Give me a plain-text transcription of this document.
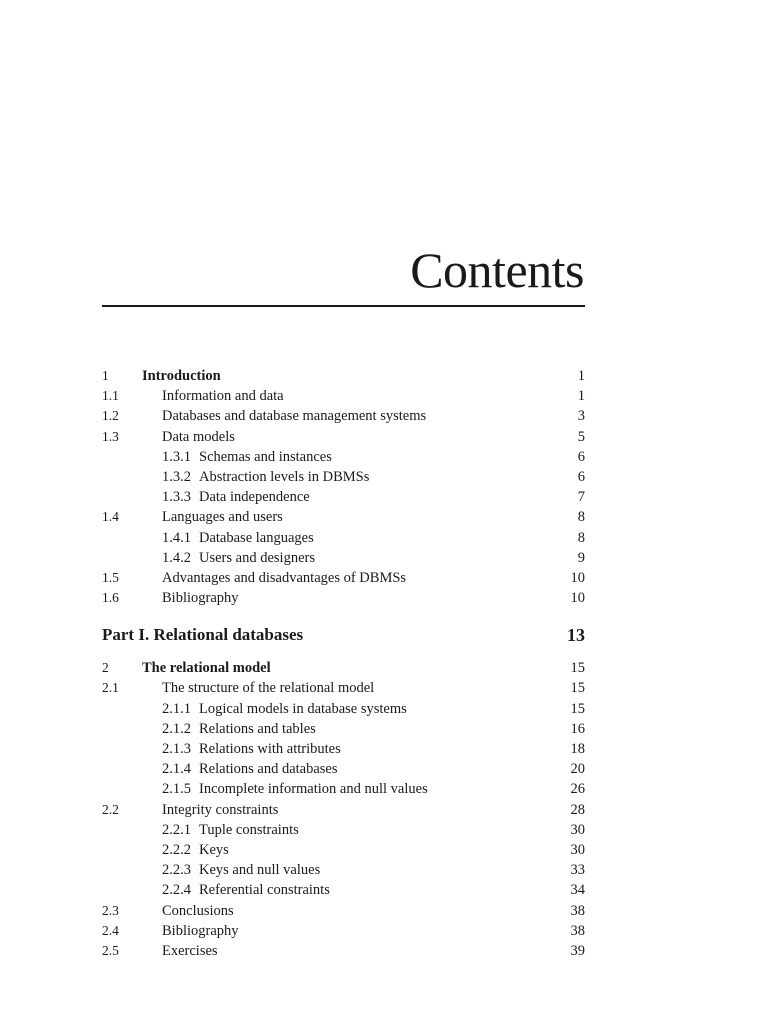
Contents
1 Introduction	1
1.1	Information and data	1
1.2	Databases and database management systems	3
1.3	Data models	5
1.3.1 Schemas and instances	6
1.3.2 Abstraction levels in DBMSs	6
1.3.3 Data independence	7
1.4	Languages and users	8
1.4.1 Database languages	8
1.4.2 Users and designers	9
1.5	Advantages and disadvantages of DBMSs	10
1.6	Bibliography	10
Part I. Relational databases	13
2 The relational model	15
2.1	The structure of the relational model	15
2.1.1 Logical models in database systems	15
2.1.2 Relations and tables	16
2.1.3 Relations with attributes	18
2.1.4 Relations and databases	20
2.1.5 Incomplete information and null values	26
2.2	Integrity constraints	28
2.2.1 Tuple constraints	30
2.2.2 Keys	30
2.2.3 Keys and null values	33
2.2.4 Referential constraints	34
2.3	Conclusions	38
2.4	Bibliography	38
2.5	Exercises	39
